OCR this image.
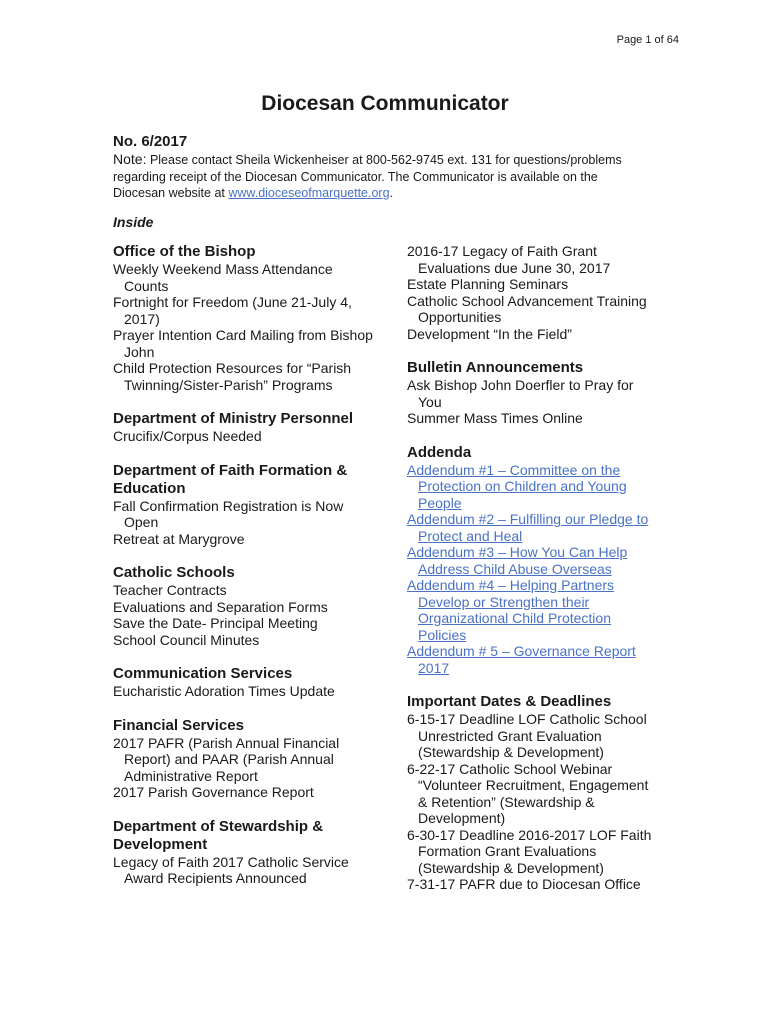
Page 1 of 64
Diocesan Communicator

No. 6/2017

Note: Please contact Sheila Wickenheiser at 800-562-9745 ext. 131 for questions/problems regarding receipt of the Diocesan Communicator. The Communicator is available on the Diocesan website at www.dioceseofmarquette.org.

Inside
Office of the Bishop
Weekly Weekend Mass Attendance Counts
Fortnight for Freedom (June 21-July 4, 2017)
Prayer Intention Card Mailing from Bishop John
Child Protection Resources for “Parish Twinning/Sister-Parish” Programs
Department of Ministry Personnel
Crucifix/Corpus Needed
Department of Faith Formation & Education
Fall Confirmation Registration is Now Open
Retreat at Marygrove
Catholic Schools
Teacher Contracts
Evaluations and Separation Forms
Save the Date- Principal Meeting
School Council Minutes
Communication Services
Eucharistic Adoration Times Update
Financial Services
2017 PAFR (Parish Annual Financial Report) and PAAR (Parish Annual Administrative Report
2017 Parish Governance Report
Department of Stewardship & Development
Legacy of Faith 2017 Catholic Service Award Recipients Announced
2016-17 Legacy of Faith Grant Evaluations due June 30, 2017
Estate Planning Seminars
Catholic School Advancement Training Opportunities
Development “In the Field”
Bulletin Announcements
Ask Bishop John Doerfler to Pray for You
Summer Mass Times Online
Addenda
Addendum #1 – Committee on the Protection on Children and Young People
Addendum #2 – Fulfilling our Pledge to Protect and Heal
Addendum #3 – How You Can Help Address Child Abuse Overseas
Addendum #4 – Helping Partners Develop or Strengthen their Organizational Child Protection Policies
Addendum # 5 – Governance Report 2017
Important Dates & Deadlines
6-15-17 Deadline LOF Catholic School Unrestricted Grant Evaluation (Stewardship & Development)
6-22-17 Catholic School Webinar “Volunteer Recruitment, Engagement & Retention” (Stewardship & Development)
6-30-17 Deadline 2016-2017 LOF Faith Formation Grant Evaluations (Stewardship & Development)
7-31-17 PAFR due to Diocesan Office
